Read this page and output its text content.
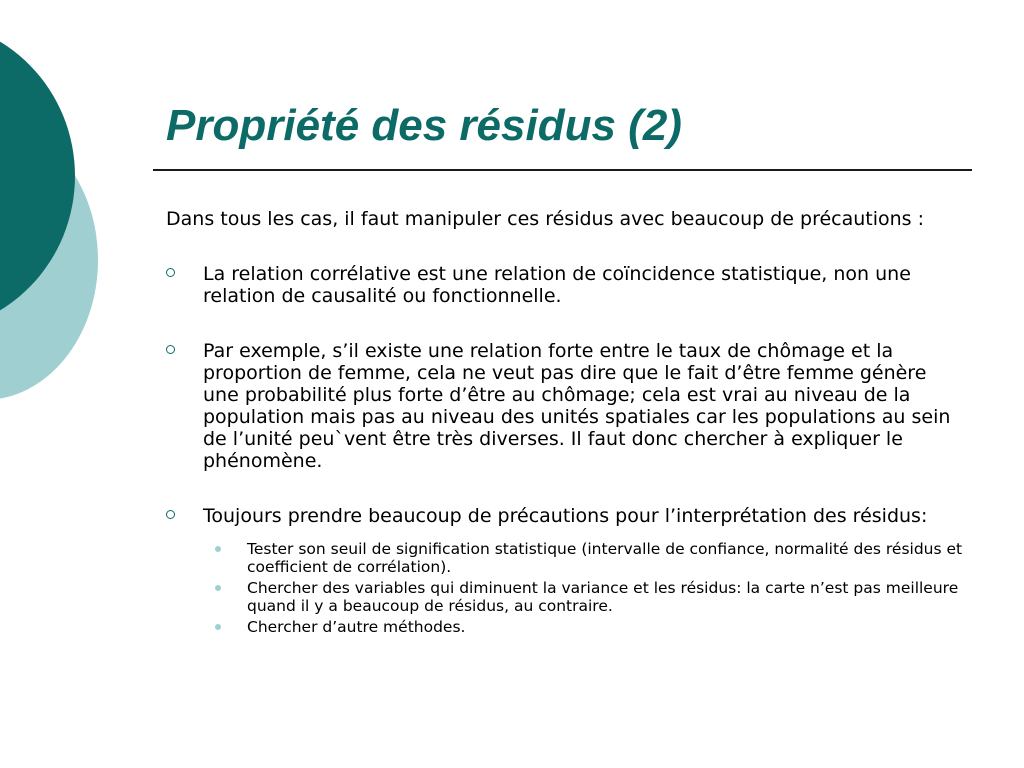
Propriété des résidus (2)

Dans tous les cas, il faut manipuler ces résidus avec beaucoup de précautions :

La relation corrélative est une relation de coïncidence statistique, non une relation de causalité ou fonctionnelle.
Par exemple, s’il existe une relation forte entre le taux de chômage et la proportion de femme, cela ne veut pas dire que le fait d’être femme génère une probabilité plus forte d’être au chômage; cela est vrai au niveau de la population mais pas au niveau des unités spatiales car les populations au sein de l’unité peu`vent être très diverses. Il faut donc chercher à expliquer le phénomène.
Toujours prendre beaucoup de précautions pour l’interprétation des résidus:
Tester son seuil de signification statistique (intervalle de confiance, normalité des résidus et coefficient de corrélation).
Chercher des variables qui diminuent la variance et les résidus: la carte n’est pas meilleure quand il y a beaucoup de résidus, au contraire.
Chercher d’autre méthodes.
